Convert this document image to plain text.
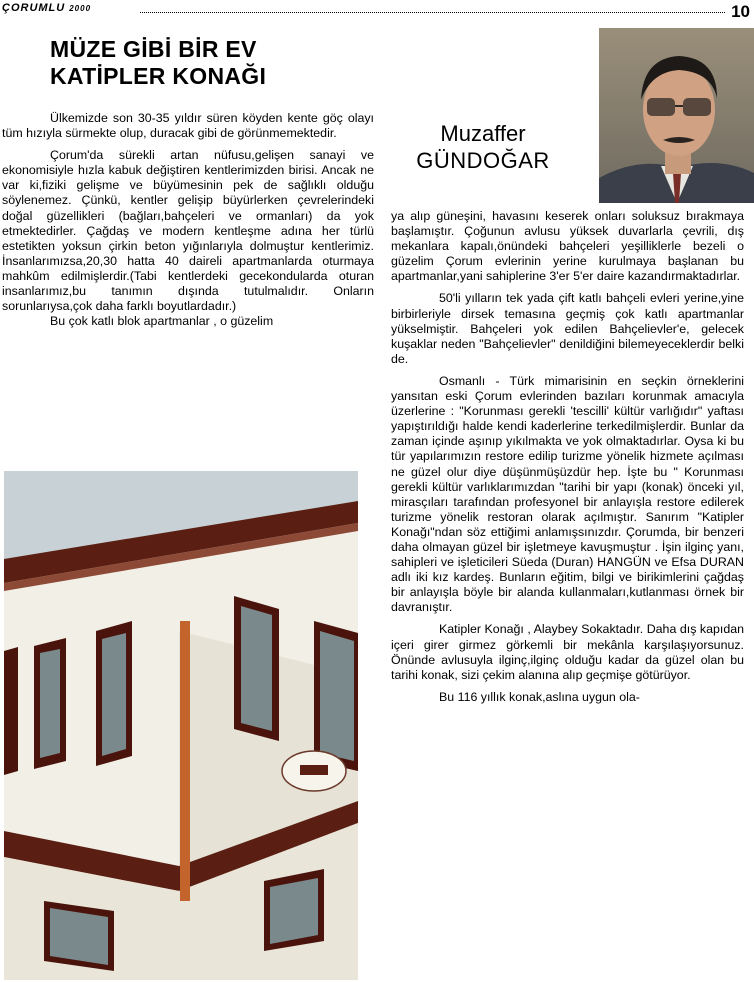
ÇORUMLU 2000	10
MÜZE GİBİ BİR EV
KATİPLER KONAĞI
Muzaffer
GÜNDOĞAR

Ülkemizde son 30-35 yıldır süren köyden kente göç olayı tüm hızıyla sürmekte olup, duracak gibi de görünmemektedir.

Çorum'da sürekli artan nüfusu,gelişen sanayi ve ekonomisiyle hızla kabuk değiştiren kentlerimizden birisi. Ancak ne var ki,fiziki gelişme ve büyümesinin pek de sağlıklı olduğu söylenemez. Çünkü, kentler gelişip büyürlerken çevrelerindeki doğal güzellikleri (bağları,bahçeleri ve ormanları) da yok etmektedirler. Çağdaş ve modern kentleşme adına her türlü estetikten yoksun çirkin beton yığınlarıyla dolmuştur kentlerimiz. İnsanlarımızsa,20,30 hatta 40 daireli apartmanlarda oturmaya mahkûm edilmişlerdir.(Tabi kentlerdeki gecekondularda oturan insanlarımız,bu tanımın dışında tutulmalıdır. Onların sorunlarıysa,çok daha farklı boyutlardadır.)

Bu çok katlı blok apartmanlar , o güzelim

ya alıp güneşini, havasını keserek onları soluksuz bırakmaya başlamıştır. Çoğunun avlusu yüksek duvarlarla çevrili, dış mekanlara kapalı,önündeki bahçeleri yeşilliklerle bezeli o güzelim Çorum evlerinin yerine kurulmaya başlanan bu apartmanlar,yani sahiplerine 3'er 5'er daire kazandırmaktadırlar.

50'li yılların tek yada çift katlı bahçeli evleri yerine,yine birbirleriyle dirsek temasına geçmiş çok katlı apartmanlar yükselmiştir. Bahçeleri yok edilen Bahçelievler'e, gelecek kuşaklar neden "Bahçelievler" denildiğini bilemeyeceklerdir belki de.

Osmanlı - Türk mimarisinin en seçkin örneklerini yansıtan eski Çorum evlerinden bazıları korunmak amacıyla üzerlerine : "Korunması gerekli 'tescilli' kültür varlığıdır" yaftası yapıştırıldığı halde kendi kaderlerine terkedilmişlerdir. Bunlar da zaman içinde aşınıp yıkılmakta ve yok olmaktadırlar. Oysa ki bu tür yapılarımızın restore edilip turizme yönelik hizmete açılması ne güzel olur diye düşünmüşüzdür hep. İşte bu " Korunması gerekli kültür varlıklarımızdan "tarihi bir yapı (konak) önceki yıl, mirasçıları tarafından profesyonel bir anlayışla restore edilerek turizme yönelik restoran olarak açılmıştır. Sanırım "Katipler Konağı"ndan söz ettiğimi anlamışsınızdır. Çorumda, bir benzeri daha olmayan güzel bir işletmeye kavuşmuştur . İşin ilginç yanı, sahipleri ve işleticileri Süeda (Duran) HANGÜN ve Efsa DURAN adlı iki kız kardeş. Bunların eğitim, bilgi ve birikimlerini çağdaş bir anlayışla böyle bir alanda kullanmaları,kutlanması örnek bir davranıştır.

Katipler Konağı , Alaybey Sokaktadır. Daha dış kapıdan içeri girer girmez görkemli bir mekânla karşılaşıyorsunuz. Önünde avlusuyla ilginç,ilginç olduğu kadar da güzel olan bu tarihi konak, sizi çekim alanına alıp geçmişe götürüyor.

Bu 116 yıllık konak,aslına uygun ola-
